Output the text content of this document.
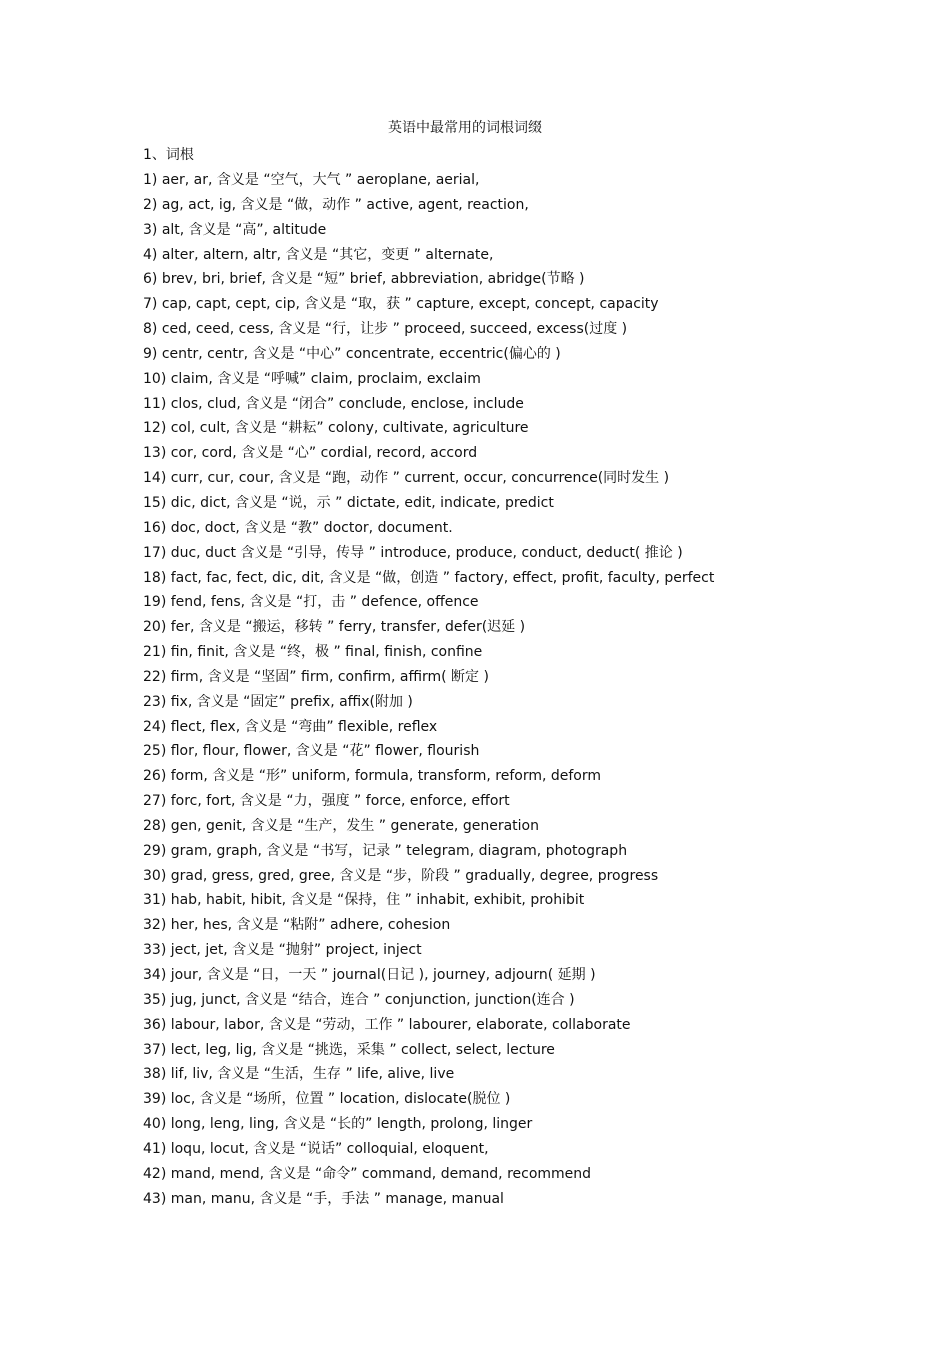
英语中最常用的词根词缀
1、词根
1) aer, ar, 含义是 “空气，大气 ” aeroplane, aerial,
2) ag, act, ig, 含义是 “做，动作 ” active, agent, reaction,
3) alt, 含义是 “高”, altitude
4) alter, altern, altr, 含义是 “其它，变更 ” alternate,
6) brev, bri, brief, 含义是 “短” brief, abbreviation, abridge(节略 )
7) cap, capt, cept, cip, 含义是 “取，获 ” capture, except, concept, capacity
8) ced, ceed, cess, 含义是 “行，让步 ” proceed, succeed, excess(过度 )
9) centr, centr, 含义是 “中心” concentrate, eccentric(偏心的 )
10) claim, 含义是 “呼喊” claim, proclaim, exclaim
11) clos, clud, 含义是 “闭合” conclude, enclose, include
12) col, cult, 含义是 “耕耘” colony, cultivate, agriculture
13) cor, cord, 含义是 “心” cordial, record, accord
14) curr, cur, cour, 含义是 “跑，动作 ” current, occur, concurrence(同时发生 )
15) dic, dict, 含义是 “说，示 ” dictate, edit, indicate, predict
16) doc, doct, 含义是 “教” doctor, document.
17) duc, duct 含义是 “引导，传导 ” introduce, produce, conduct, deduct( 推论 )
18) fact, fac, fect, dic, dit, 含义是 “做，创造 ” factory, effect, profit, faculty, perfect
19) fend, fens, 含义是 “打，击 ” defence, offence
20) fer, 含义是 “搬运，移转 ” ferry, transfer, defer(迟延 )
21) fin, finit, 含义是 “终，极 ” final, finish, confine
22) firm, 含义是 “坚固” firm, confirm, affirm( 断定 )
23) fix, 含义是 “固定” prefix, affix(附加 )
24) flect, flex, 含义是 “弯曲” flexible, reflex
25) flor, flour, flower, 含义是 “花” flower, flourish
26) form, 含义是 “形” uniform, formula, transform, reform, deform
27) forc, fort, 含义是 “力，强度 ” force, enforce, effort
28) gen, genit, 含义是 “生产，发生 ” generate, generation
29) gram, graph, 含义是 “书写，记录 ” telegram, diagram, photograph
30) grad, gress, gred, gree, 含义是 “步，阶段 ” gradually, degree, progress
31) hab, habit, hibit, 含义是 “保持，住 ” inhabit, exhibit, prohibit
32) her, hes, 含义是 “粘附” adhere, cohesion
33) ject, jet, 含义是 “抛射” project, inject
34) jour, 含义是 “日，一天 ” journal(日记 ), journey, adjourn( 延期 )
35) jug, junct, 含义是 “结合，连合 ” conjunction, junction(连合 )
36) labour, labor, 含义是 “劳动，工作 ” labourer, elaborate, collaborate
37) lect, leg, lig, 含义是 “挑选，采集 ” collect, select, lecture
38) lif, liv, 含义是 “生活，生存 ” life, alive, live
39) loc, 含义是 “场所，位置 ” location, dislocate(脱位 )
40) long, leng, ling, 含义是 “长的” length, prolong, linger
41) loqu, locut, 含义是 “说话” colloquial, eloquent,
42) mand, mend, 含义是 “命令” command, demand, recommend
43) man, manu, 含义是 “手，手法 ” manage, manual
